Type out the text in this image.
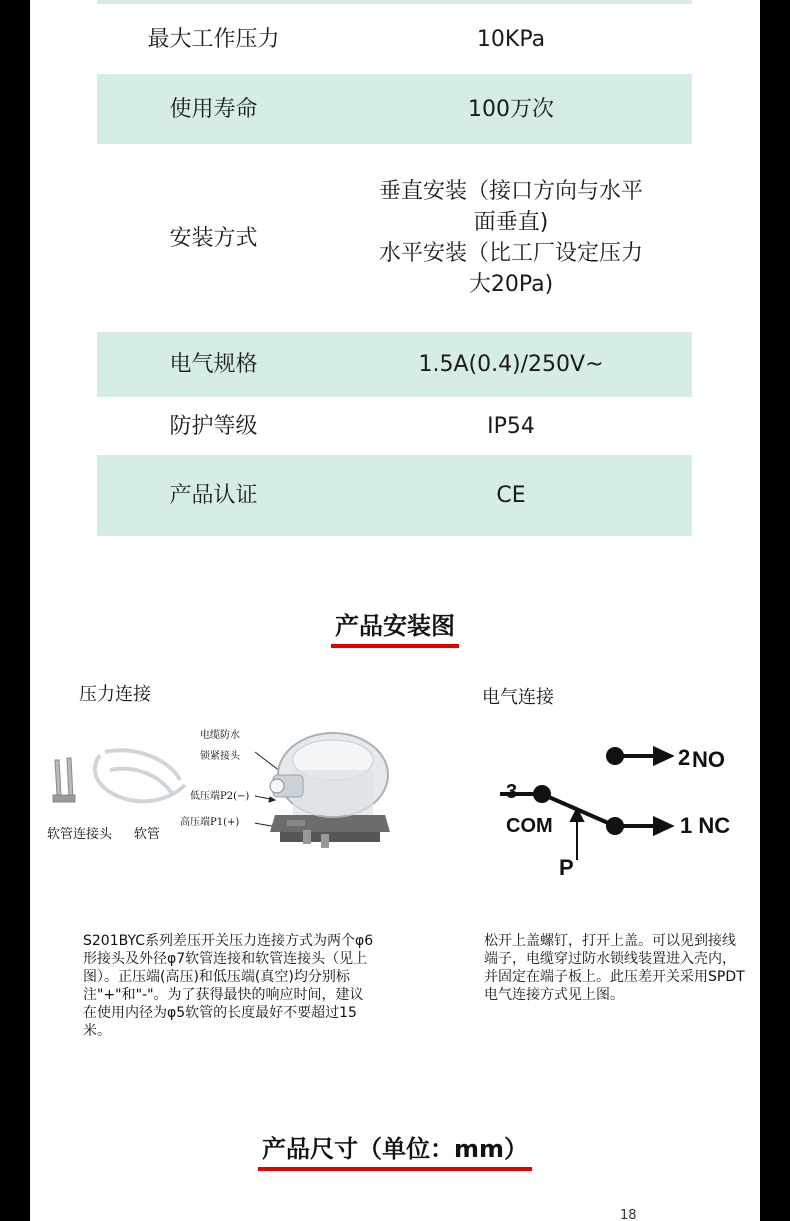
最大工作压力	10KPa
使用寿命	100万次
安装方式	垂直安装（接口方向与水平
面垂直)
水平安装（比工厂设定压力
大20Pa)

电气规格	1.5A(0.4)/250V~
防护等级	IP54
产品认证	CE
产品安装图
压力连接	电气连接
软管连接头 软管
电缆防水
锁紧接头
低压端P2(−)
高压端P1(+)
2 NO
1 NC
3
COM
P
S201BYC系列差压开关压力连接方式为两个φ6形接头及外径φ7软管连接和软管连接头（见上图）。正压端(高压)和低压端(真空)均分别标注"+"和"-"。为了获得最快的响应时间，建议在使用内径为φ5软管的长度最好不要超过15米。
松开上盖螺钉，打开上盖。可以见到接线端子，电缆穿过防水锁线装置进入壳内，并固定在端子板上。此压差开关采用SPDT电气连接方式见上图。
产品尺寸（单位：mm）
18
